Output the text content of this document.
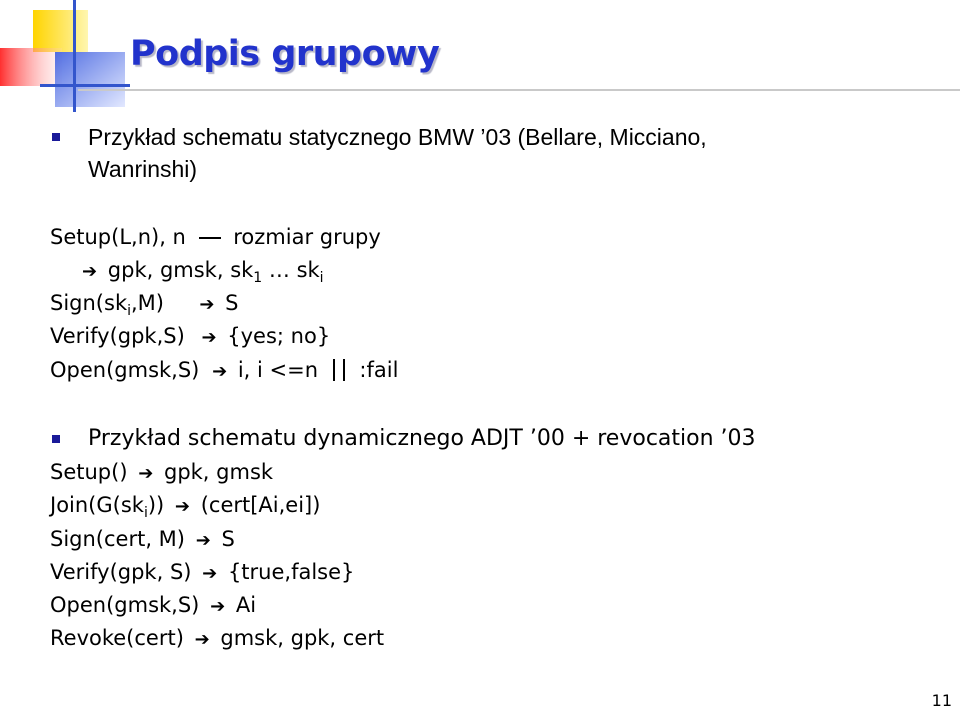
Podpis grupowy
Przykład schematu statycznego BMW ’03 (Bellare, Micciano,
Wanrinshi)
Setup(L,n), n rozmiar grupy
➔ gpk, gmsk, $sk_1$ … $sk_i$
$Sign(sk_i,M)$ ➔ S
Verify(gpk,S) ➔ {yes; no}
Open(gmsk,S) ➔ i, i <=n :fail
Przykład schematu dynamicznego ADJT ’00 + revocation ’03
Setup() ➔ gpk, gmsk
$Join(G(sk_i))$ ➔ (cert[Ai,ei])
Sign(cert, M) ➔ S
Verify(gpk, S) ➔ {true,false}
Open(gmsk,S) ➔ Ai
Revoke(cert) ➔ gmsk, gpk, cert
11
